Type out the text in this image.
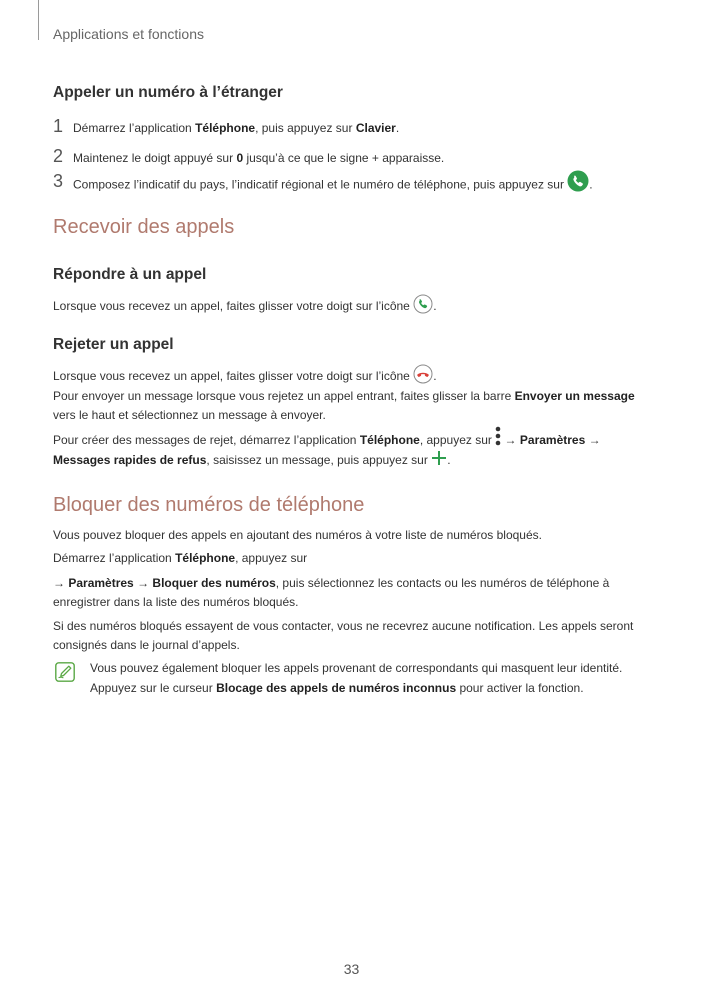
Applications et fonctions
Appeler un numéro à l’étranger
1 Démarrez l’application Téléphone, puis appuyez sur Clavier.
2 Maintenez le doigt appuyé sur 0 jusqu’à ce que le signe + apparaisse.
3 Composez l’indicatif du pays, l’indicatif régional et le numéro de téléphone, puis appuyez sur .
Recevoir des appels
Répondre à un appel
Lorsque vous recevez un appel, faites glisser votre doigt sur l’icône .
Rejeter un appel
Lorsque vous recevez un appel, faites glisser votre doigt sur l’icône .
Pour envoyer un message lorsque vous rejetez un appel entrant, faites glisser la barre Envoyer un message
vers le haut et sélectionnez un message à envoyer.
Pour créer des messages de rejet, démarrez l’application Téléphone, appuyez sur  → Paramètres →
Messages rapides de refus, saisissez un message, puis appuyez sur .
Bloquer des numéros de téléphone
Vous pouvez bloquer des appels en ajoutant des numéros à votre liste de numéros bloqués.
Démarrez l’application Téléphone, appuyez sur
→ Paramètres → Bloquer des numéros, puis sélectionnez les contacts ou les numéros de téléphone à
enregistrer dans la liste des numéros bloqués.
Si des numéros bloqués essayent de vous contacter, vous ne recevrez aucune notification. Les appels seront
consignés dans le journal d’appels.
Vous pouvez également bloquer les appels provenant de correspondants qui masquent leur identité.
Appuyez sur le curseur Blocage des appels de numéros inconnus pour activer la fonction.
33
